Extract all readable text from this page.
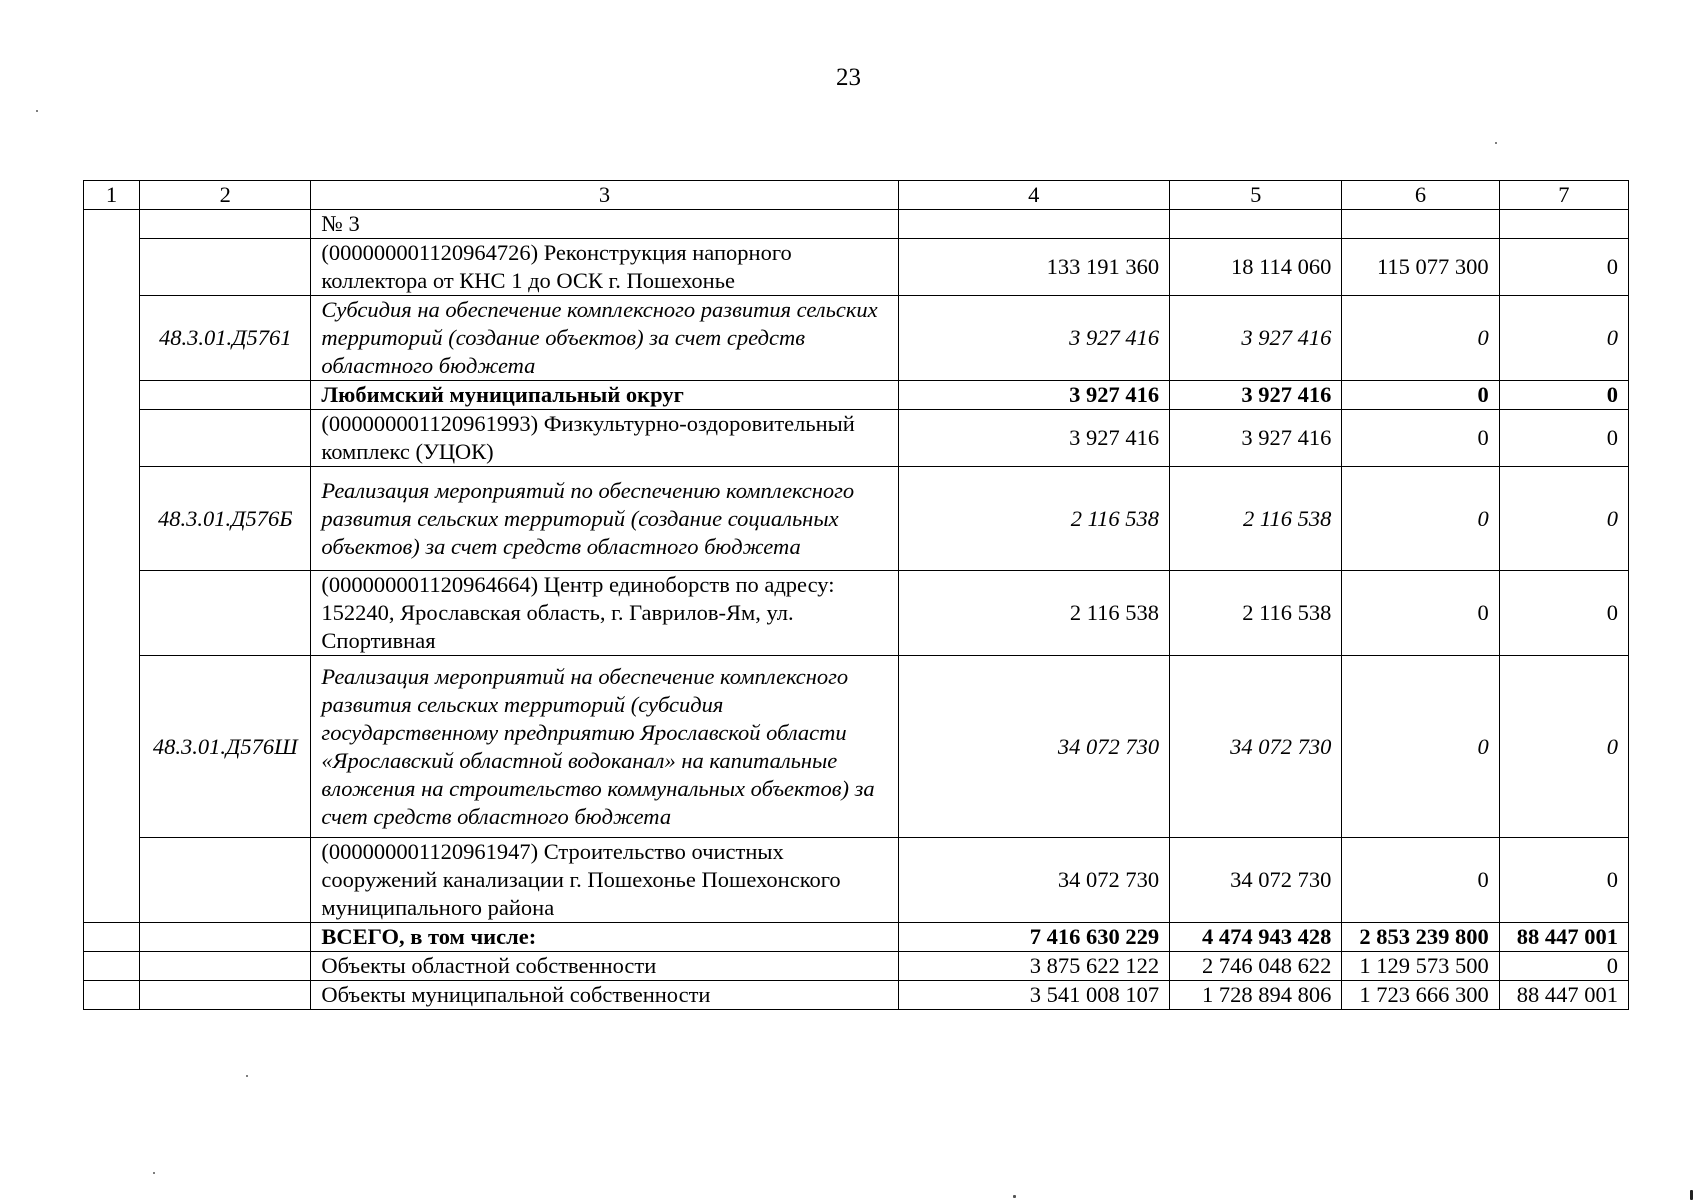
23
1	2	3	4	5	6	7
		№ 3				
		(000000001120964726) Реконструкция напорного коллектора от КНС 1 до ОСК г. Пошехонье	133 191 360	18 114 060	115 077 300	0
	48.3.01.Д5761	Субсидия на обеспечение комплексного развития сельских территорий (создание объектов) за счет средств областного бюджета	3 927 416	3 927 416	0	0
		Любимский муниципальный округ	3 927 416	3 927 416	0	0
		(000000001120961993) Физкультурно-оздоровительный комплекс (УЦОК)	3 927 416	3 927 416	0	0
	48.3.01.Д576Б	Реализация мероприятий по обеспечению комплексного развития сельских территорий (создание социальных объектов) за счет средств областного бюджета	2 116 538	2 116 538	0	0
		(000000001120964664) Центр единоборств по адресу: 152240, Ярославская область, г. Гаврилов-Ям, ул. Спортивная	2 116 538	2 116 538	0	0
	48.3.01.Д576Ш	Реализация мероприятий на обеспечение комплексного развития сельских территорий (субсидия государственному предприятию Ярославской области «Ярославский областной водоканал» на капитальные вложения на строительство коммунальных объектов) за счет средств областного бюджета	34 072 730	34 072 730	0	0
		(000000001120961947) Строительство очистных сооружений канализации г. Пошехонье Пошехонского муниципального района	34 072 730	34 072 730	0	0
		ВСЕГО, в том числе:	7 416 630 229	4 474 943 428	2 853 239 800	88 447 001
		Объекты областной собственности	3 875 622 122	2 746 048 622	1 129 573 500	0
		Объекты муниципальной собственности	3 541 008 107	1 728 894 806	1 723 666 300	88 447 001
